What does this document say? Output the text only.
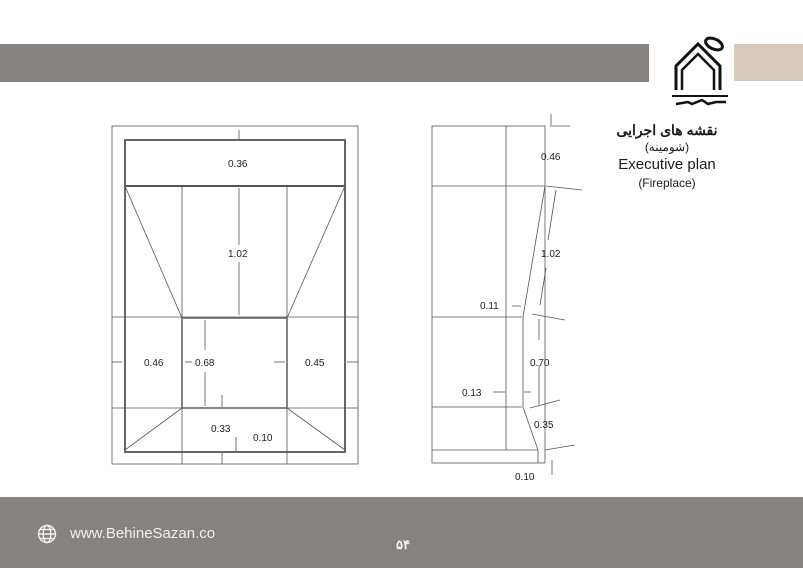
نقشه های اجرایی
(شومینه)
Executive plan
(Fireplace)
0.36
1.02
0.46	0.68	0.45
0.33
0.10
0.46
1.02
0.11
0.70
0.13
0.35
0.10
www.BehineSazan.co
۵۴
